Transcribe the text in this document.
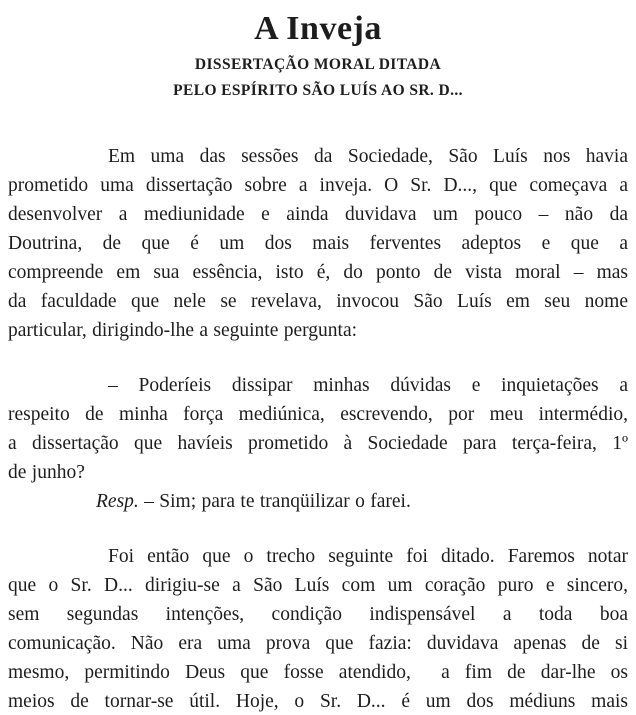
A Inveja
DISSERTAÇÃO MORAL DITADA
PELO ESPÍRITO SÃO LUÍS AO SR. D...
Em uma das sessões da Sociedade, São Luís nos havia
prometido uma dissertação sobre a inveja. O Sr. D..., que começava a
desenvolver a mediunidade e ainda duvidava um pouco – não da
Doutrina, de que é um dos mais ferventes adeptos e que a
compreende em sua essência, isto é, do ponto de vista moral – mas
da faculdade que nele se revelava, invocou São Luís em seu nome
particular, dirigindo-lhe a seguinte pergunta:
– Poderíeis dissipar minhas dúvidas e inquietações a
respeito de minha força mediúnica, escrevendo, por meu intermédio,
a dissertação que havíeis prometido à Sociedade para terça-feira, 1º
de junho?
Resp. – Sim; para te tranqüilizar o farei.
Foi então que o trecho seguinte foi ditado. Faremos notar
que o Sr. D... dirigiu-se a São Luís com um coração puro e sincero,
sem segundas intenções, condição indispensável a toda boa
comunicação. Não era uma prova que fazia: duvidava apenas de si
mesmo, permitindo Deus que fosse atendido,  a fim de dar-lhe os
meios de tornar-se útil. Hoje, o Sr. D... é um dos médiuns mais
